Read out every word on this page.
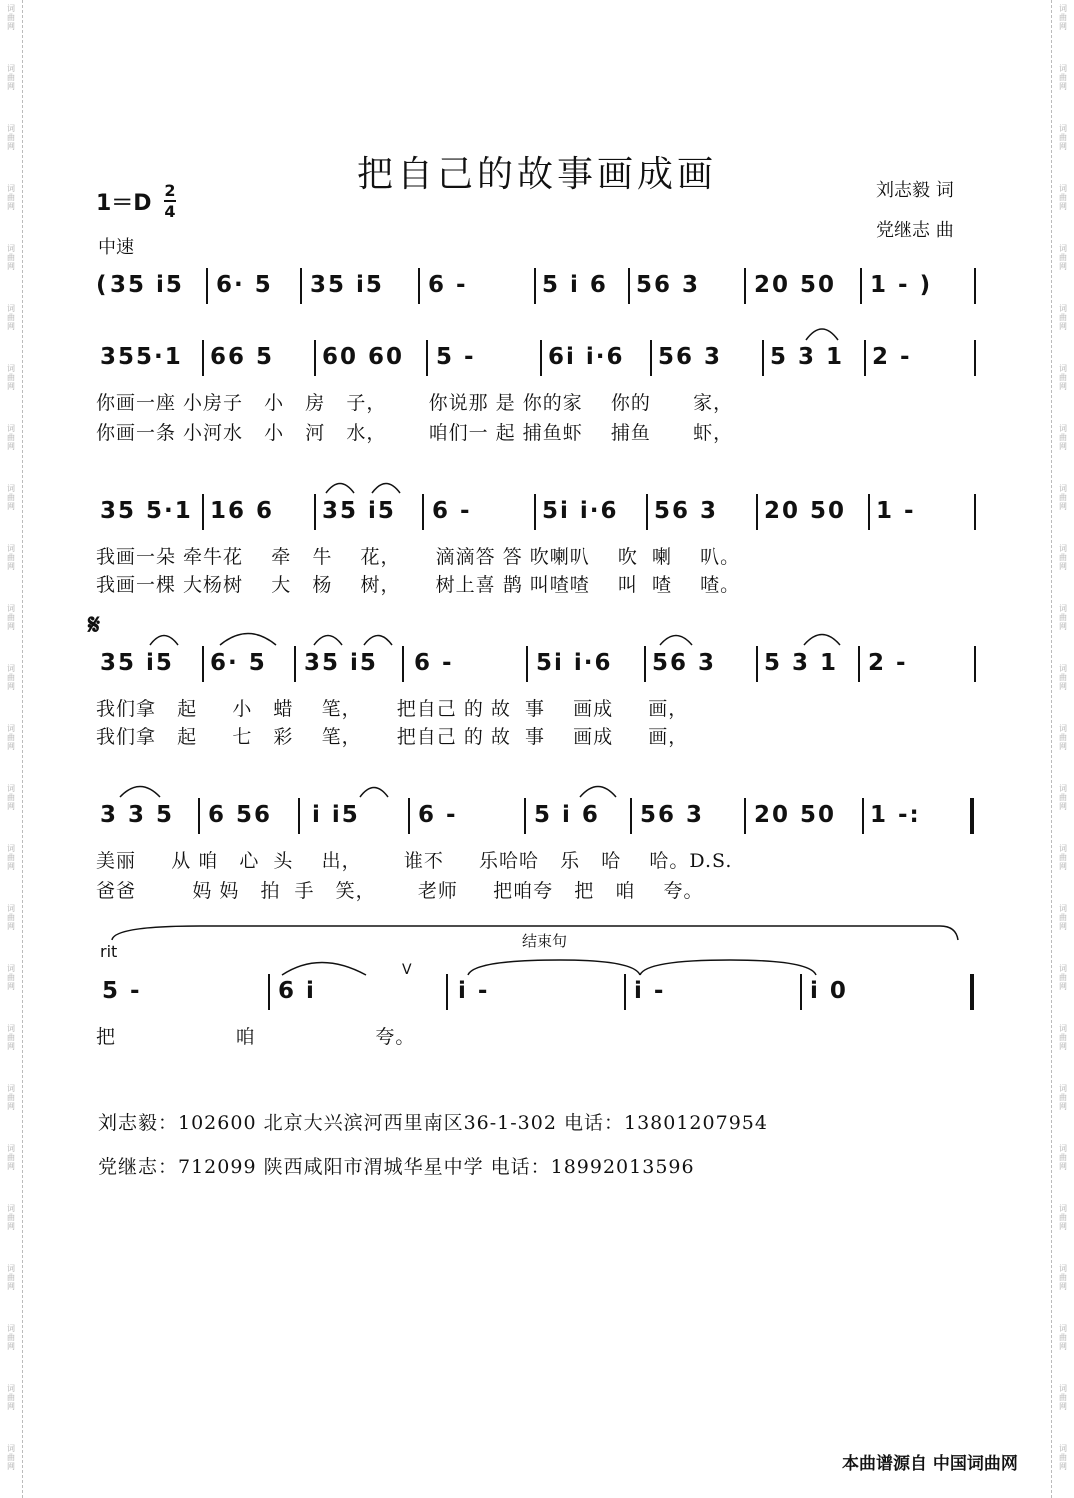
词
曲
网
词
曲
网
词
曲
网
词
曲
网
词
曲
网
词
曲
网
词
曲
网
词
曲
网
词
曲
网
词
曲
网
词
曲
网
词
曲
网
词
曲
网
词
曲
网
词
曲
网
词
曲
网
词
曲
网
词
曲
网
词
曲
网
词
曲
网
词
曲
网
词
曲
网
词
曲
网
词
曲
网
词
曲
网
词
曲
网
词
曲
网
词
曲
网
词
曲
网
词
曲
网
词
曲
网
词
曲
网
词
曲
网
词
曲
网
词
曲
网
词
曲
网
词
曲
网
词
曲
网
词
曲
网
词
曲
网
词
曲
网
词
曲
网
词
曲
网
词
曲
网
词
曲
网
词
曲
网
词
曲
网
词
曲
网
词
曲
网
词
曲
网
把自己的故事画成画	刘志毅 词
党继志 曲
1＝D
2
4
中速
( 35 i5 6· 5 35 i5 6 -	5 i 6 56 3 20 50 1 - )
355·1 66 5 60 60 5 -	6i i·6 56 3 5 3 1 2 -
你画一座 小房子   小   房   子，      你说那 是 你的家    你的      家，
你画一条 小河水   小   河   水，      咱们一 起 捕鱼虾    捕鱼      虾，
35 5·1 16 6 35 i5 6 -	5i i·6 56 3 20 50 1 -
我画一朵 牵牛花    牵   牛    花，     滴滴答 答 吹喇叭    吹  喇    叭。
我画一棵 大杨树    大   杨    树，     树上喜 鹊 叫喳喳    叫  喳    喳。
𝄋
35 i5 6· 5 35 i5 6 -	5i i·6 56 3 5 3 1 2 -
我们拿   起     小   蜡    笔，     把自己 的 故  事    画成     画，
我们拿   起     七   彩    笔，     把自己 的 故  事    画成     画，
3 3 5 6 56 i i5	6 -	5 i 6 56 3 20 50 1 -:
美丽     从 咱   心  头    出，      谁不     乐哈哈   乐   哈    哈。D.S.
爸爸        妈 妈   拍  手   笑，      老师     把咱夸   把   咱    夸。
rit
结束句
V
5 -	6 i	i -	i -	i 0
把                 咱                 夸。
刘志毅：102600 北京大兴滨河西里南区36-1-302 电话：13801207954
党继志：712099 陕西咸阳市渭城华星中学 电话：18992013596
本曲谱源自 中国词曲网
